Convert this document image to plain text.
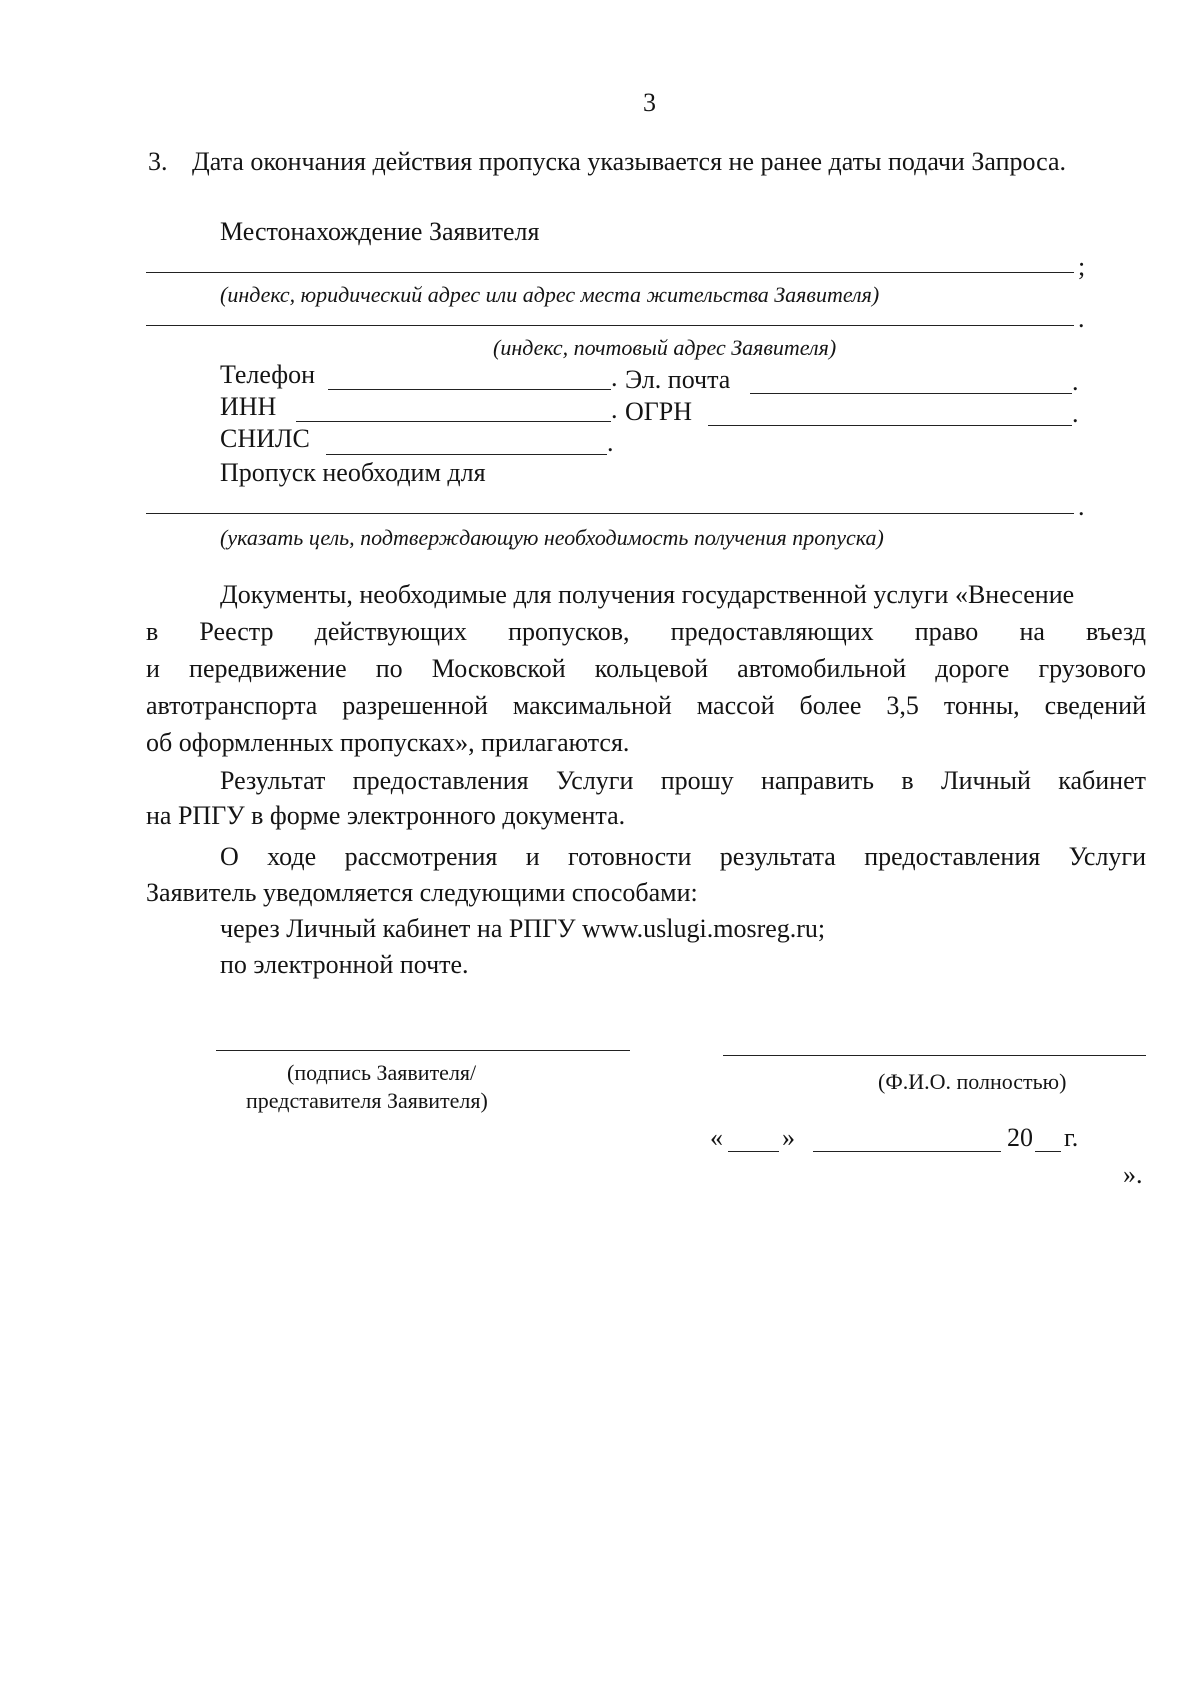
3
3. Дата окончания действия пропуска указывается не ранее даты подачи Запроса.
Местонахождение Заявителя
;
(индекс, юридический адрес или адрес места жительства Заявителя)
.
(индекс, почтовый адрес Заявителя)
Телефон	. Эл. почта	.
ИНН	. ОГРН	.
СНИЛС	.
Пропуск необходим для
.
(указать цель, подтверждающую необходимость получения пропуска)
Документы, необходимые для получения государственной услуги «Внесение
в Реестр действующих пропусков, предоставляющих право на въезд
и передвижение по Московской кольцевой автомобильной дороге грузового
автотранспорта разрешенной максимальной массой более 3,5 тонны, сведений
об оформленных пропусках», прилагаются.
Результат предоставления Услуги прошу направить в Личный кабинет
на РПГУ в форме электронного документа.
О ходе рассмотрения и готовности результата предоставления Услуги
Заявитель уведомляется следующими способами:
через Личный кабинет на РПГУ www.uslugi.mosreg.ru;
по электронной почте.
(подпись Заявителя/
представителя Заявителя)
(Ф.И.О. полностью)
« »	20 г.
».
